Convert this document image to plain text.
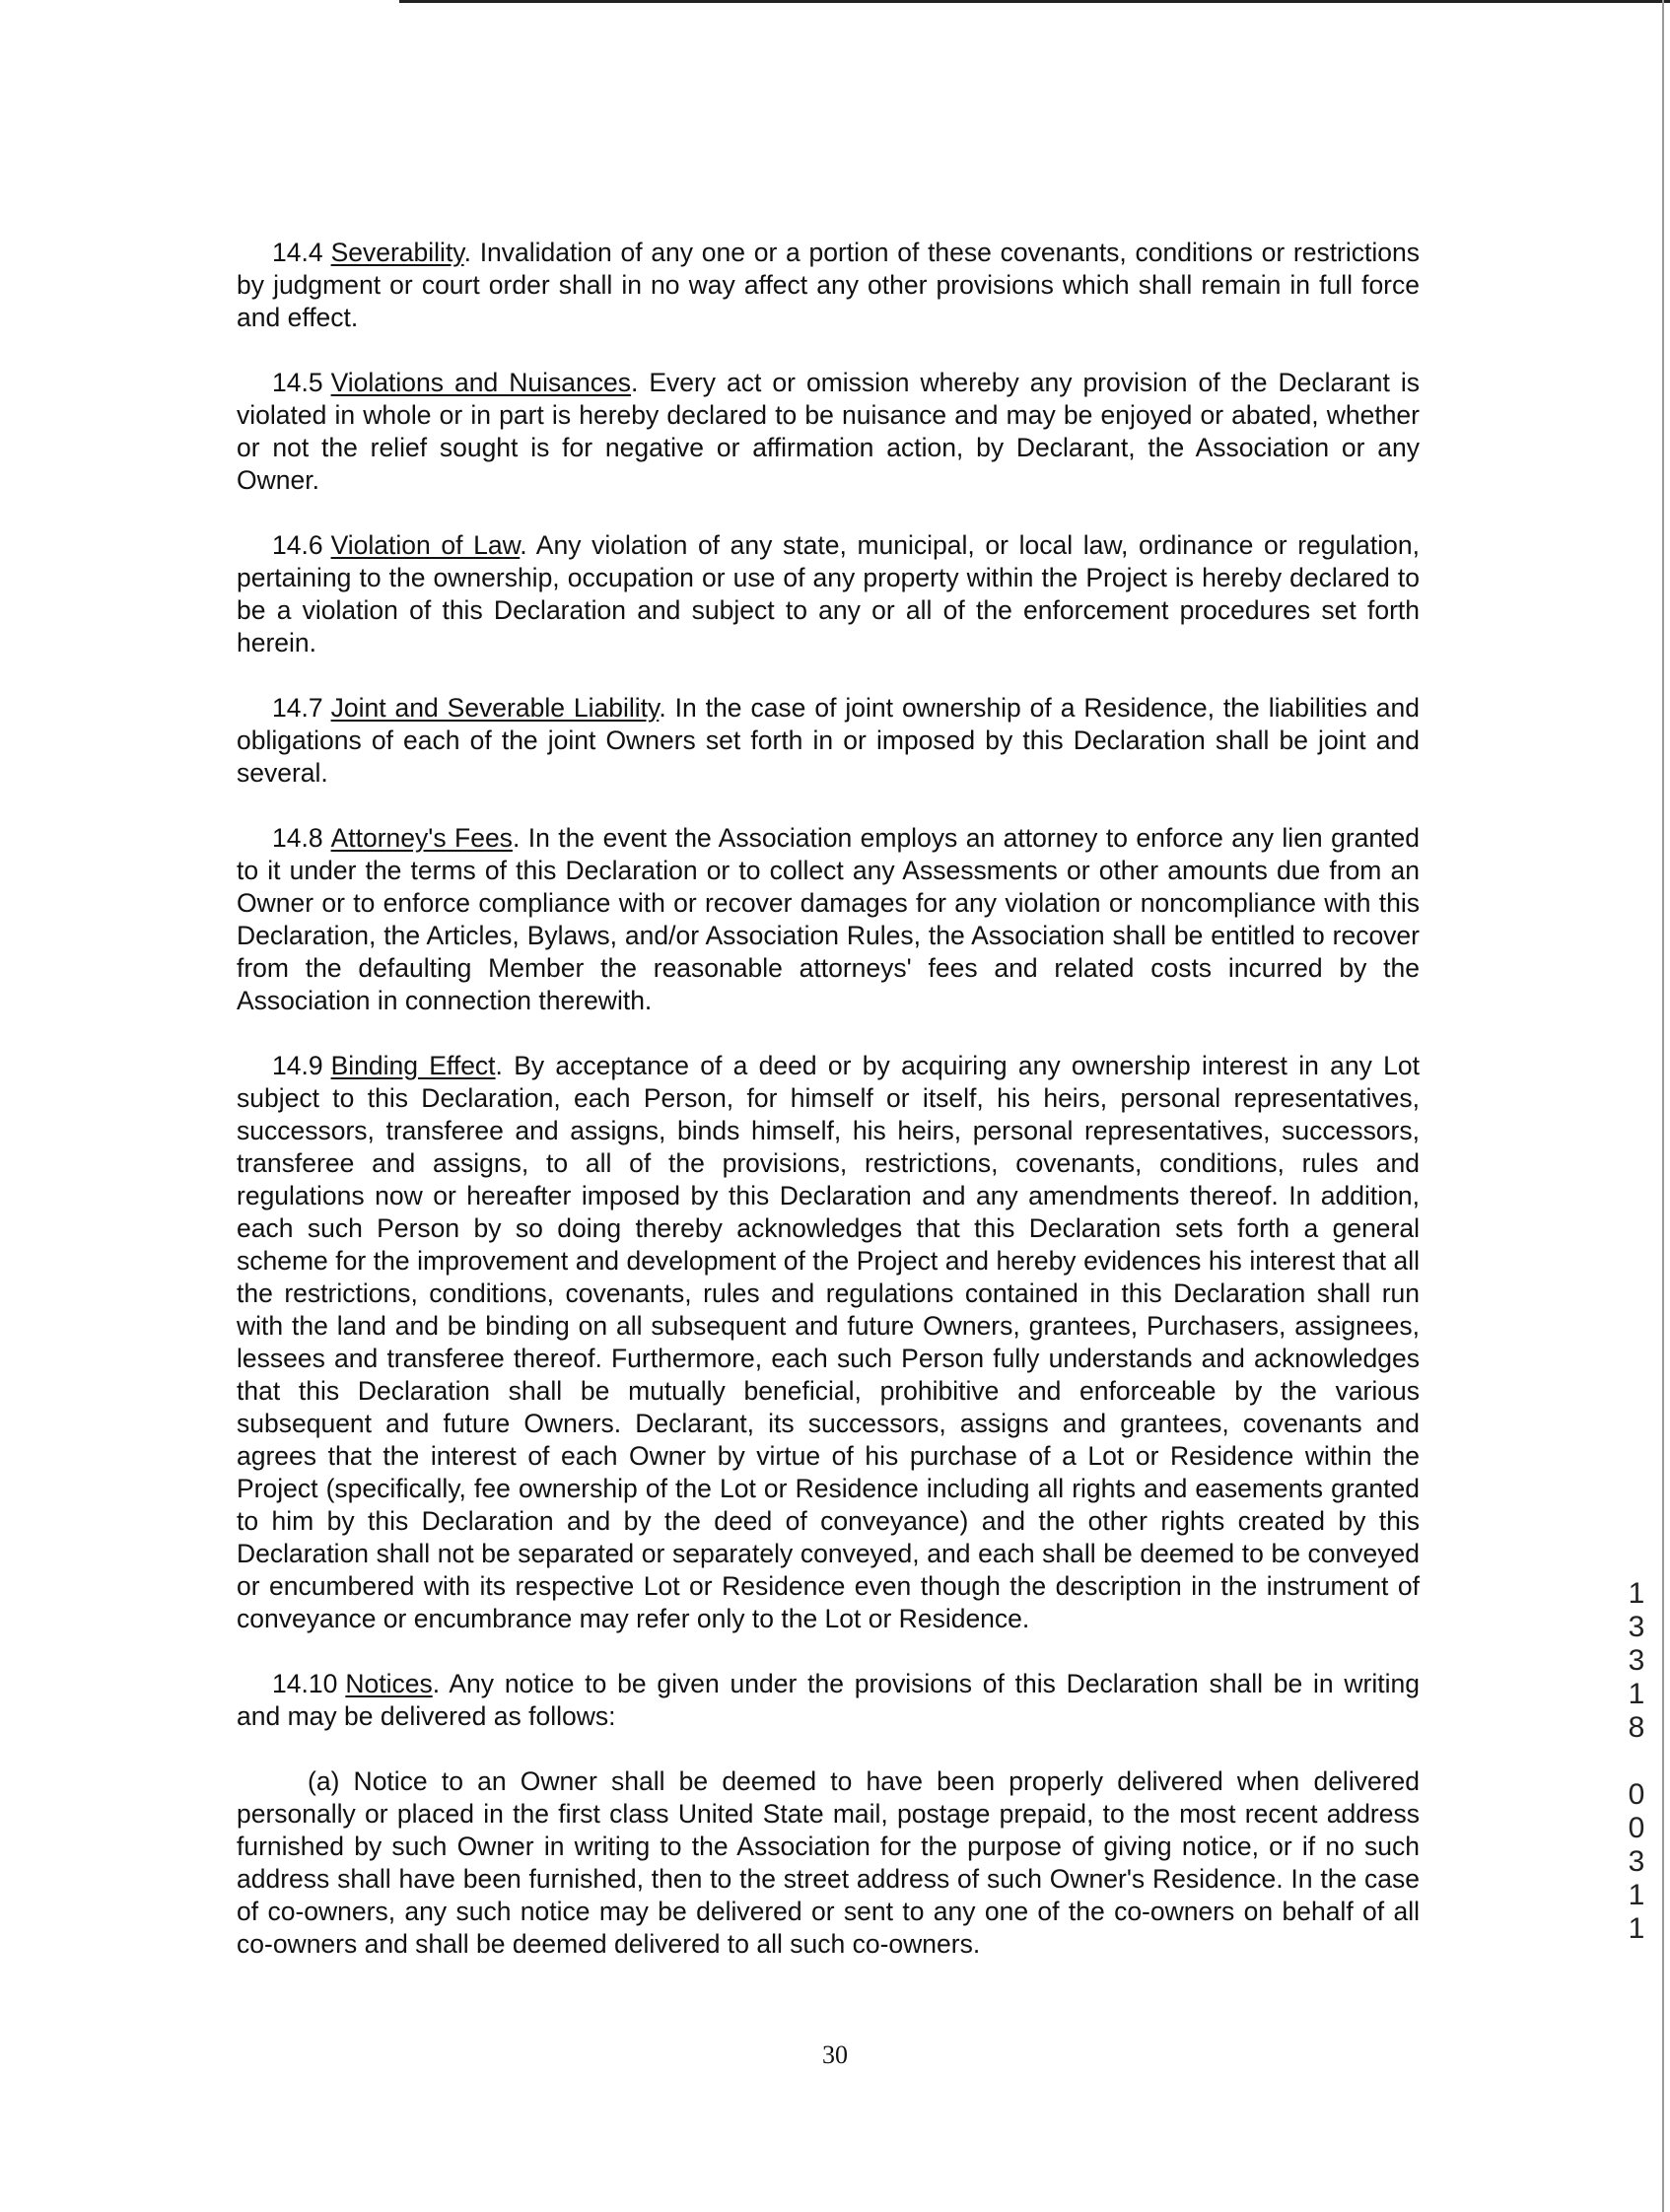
14.4 Severability. Invalidation of any one or a portion of these covenants, conditions or restrictions by judgment or court order shall in no way affect any other provisions which shall remain in full force and effect.

14.5 Violations and Nuisances. Every act or omission whereby any provision of the Declarant is violated in whole or in part is hereby declared to be nuisance and may be enjoyed or abated, whether or not the relief sought is for negative or affirmation action, by Declarant, the Association or any Owner.

14.6 Violation of Law. Any violation of any state, municipal, or local law, ordinance or regulation, pertaining to the ownership, occupation or use of any property within the Project is hereby declared to be a violation of this Declaration and subject to any or all of the enforcement procedures set forth herein.

14.7 Joint and Severable Liability. In the case of joint ownership of a Residence, the liabilities and obligations of each of the joint Owners set forth in or imposed by this Declaration shall be joint and several.

14.8 Attorney's Fees. In the event the Association employs an attorney to enforce any lien granted to it under the terms of this Declaration or to collect any Assessments or other amounts due from an Owner or to enforce compliance with or recover damages for any violation or noncompliance with this Declaration, the Articles, Bylaws, and/or Association Rules, the Association shall be entitled to recover from the defaulting Member the reasonable attorneys' fees and related costs incurred by the Association in connection therewith.

14.9 Binding Effect. By acceptance of a deed or by acquiring any ownership interest in any Lot subject to this Declaration, each Person, for himself or itself, his heirs, personal representatives, successors, transferee and assigns, binds himself, his heirs, personal representatives, successors, transferee and assigns, to all of the provisions, restrictions, covenants, conditions, rules and regulations now or hereafter imposed by this Declaration and any amendments thereof. In addition, each such Person by so doing thereby acknowledges that this Declaration sets forth a general scheme for the improvement and development of the Project and hereby evidences his interest that all the restrictions, conditions, covenants, rules and regulations contained in this Declaration shall run with the land and be binding on all subsequent and future Owners, grantees, Purchasers, assignees, lessees and transferee thereof. Furthermore, each such Person fully understands and acknowledges that this Declaration shall be mutually beneficial, prohibitive and enforceable by the various subsequent and future Owners. Declarant, its successors, assigns and grantees, covenants and agrees that the interest of each Owner by virtue of his purchase of a Lot or Residence within the Project (specifically, fee ownership of the Lot or Residence including all rights and easements granted to him by this Declaration and by the deed of conveyance) and the other rights created by this Declaration shall not be separated or separately conveyed, and each shall be deemed to be conveyed or encumbered with its respective Lot or Residence even though the description in the instrument of conveyance or encumbrance may refer only to the Lot or Residence.

14.10 Notices. Any notice to be given under the provisions of this Declaration shall be in writing and may be delivered as follows:

(a) Notice to an Owner shall be deemed to have been properly delivered when delivered personally or placed in the first class United State mail, postage prepaid, to the most recent address furnished by such Owner in writing to the Association for the purpose of giving notice, or if no such address shall have been furnished, then to the street address of such Owner's Residence. In the case of co-owners, any such notice may be delivered or sent to any one of the co-owners on behalf of all co-owners and shall be deemed delivered to all such co-owners.

1
3
3
1
8
0
0
3
1
1
30
